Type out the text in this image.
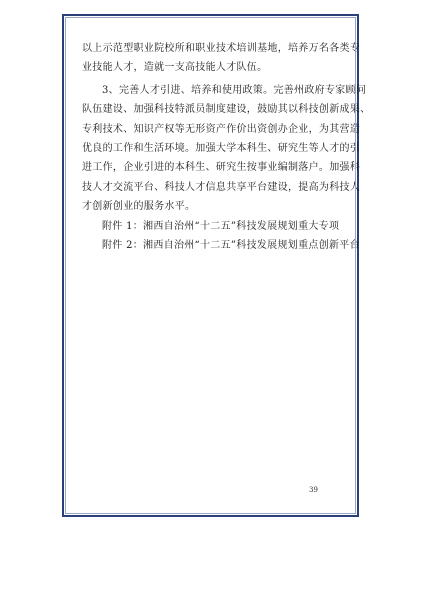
以上示范型职业院校所和职业技术培训基地，培养万名各类专
业技能人才，造就一支高技能人才队伍。
3、完善人才引进、培养和使用政策。完善州政府专家顾问
队伍建设、加强科技特派员制度建设，鼓励其以科技创新成果、
专利技术、知识产权等无形资产作价出资创办企业，为其营造
优良的工作和生活环境。加强大学本科生、研究生等人才的引
进工作，企业引进的本科生、研究生按事业编制落户。加强科
技人才交流平台、科技人才信息共享平台建设，提高为科技人
才创新创业的服务水平。
附件 1：湘西自治州“十二五”科技发展规划重大专项
附件 2：湘西自治州“十二五”科技发展规划重点创新平台
39
